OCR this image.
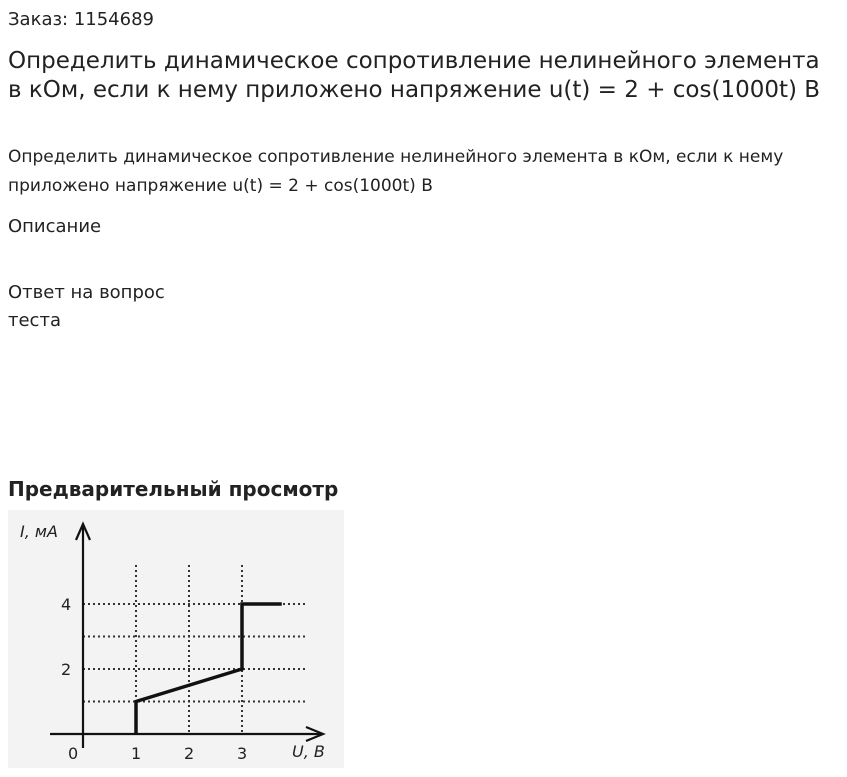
Заказ: 1154689
Определить динамическое сопротивление нелинейного элемента в кОм, если к нему приложено напряжение u(t) = 2 + cos(1000t) В
Определить динамическое сопротивление нелинейного элемента в кОм, если к нему приложено напряжение u(t) = 2 + cos(1000t) В
Описание
Ответ на вопрос теста
Предварительный просмотр
1	2	3
2
4
I, мА
U, В
0
